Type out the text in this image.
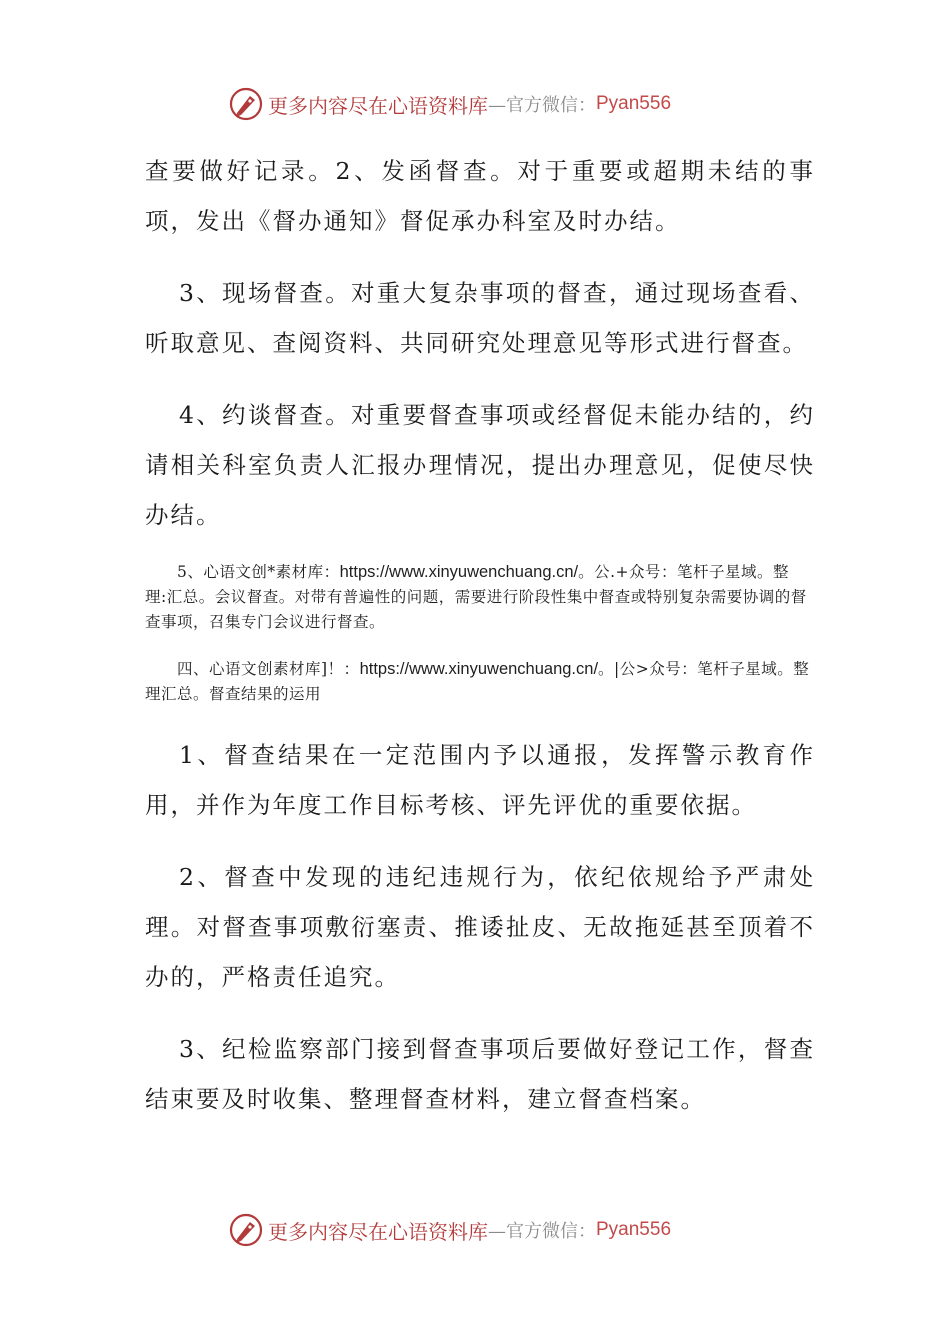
更多内容尽在心语资料库 —官方微信： Pyan556
查要做好记录。2、发函督查。对于重要或超期未结的事项，发出《督办通知》督促承办科室及时办结。
3、现场督查。对重大复杂事项的督查，通过现场查看、听取意见、查阅资料、共同研究处理意见等形式进行督查。
4、约谈督查。对重要督查事项或经督促未能办结的，约请相关科室负责人汇报办理情况，提出办理意见，促使尽快办结。
5、心语文创*素材库：https://www.xinyuwenchuang.cn/。公.+众号：笔杆子星域。整理:汇总。会议督查。对带有普遍性的问题，需要进行阶段性集中督查或特别复杂需要协调的督查事项，召集专门会议进行督查。
四、心语文创素材库]！：https://www.xinyuwenchuang.cn/。|公>众号：笔杆子星域。整理汇总。督查结果的运用
1、督查结果在一定范围内予以通报，发挥警示教育作用，并作为年度工作目标考核、评先评优的重要依据。
2、督查中发现的违纪违规行为，依纪依规给予严肃处理。对督查事项敷衍塞责、推诿扯皮、无故拖延甚至顶着不办的，严格责任追究。
3、纪检监察部门接到督查事项后要做好登记工作，督查结束要及时收集、整理督查材料，建立督查档案。
更多内容尽在心语资料库 —官方微信： Pyan556
